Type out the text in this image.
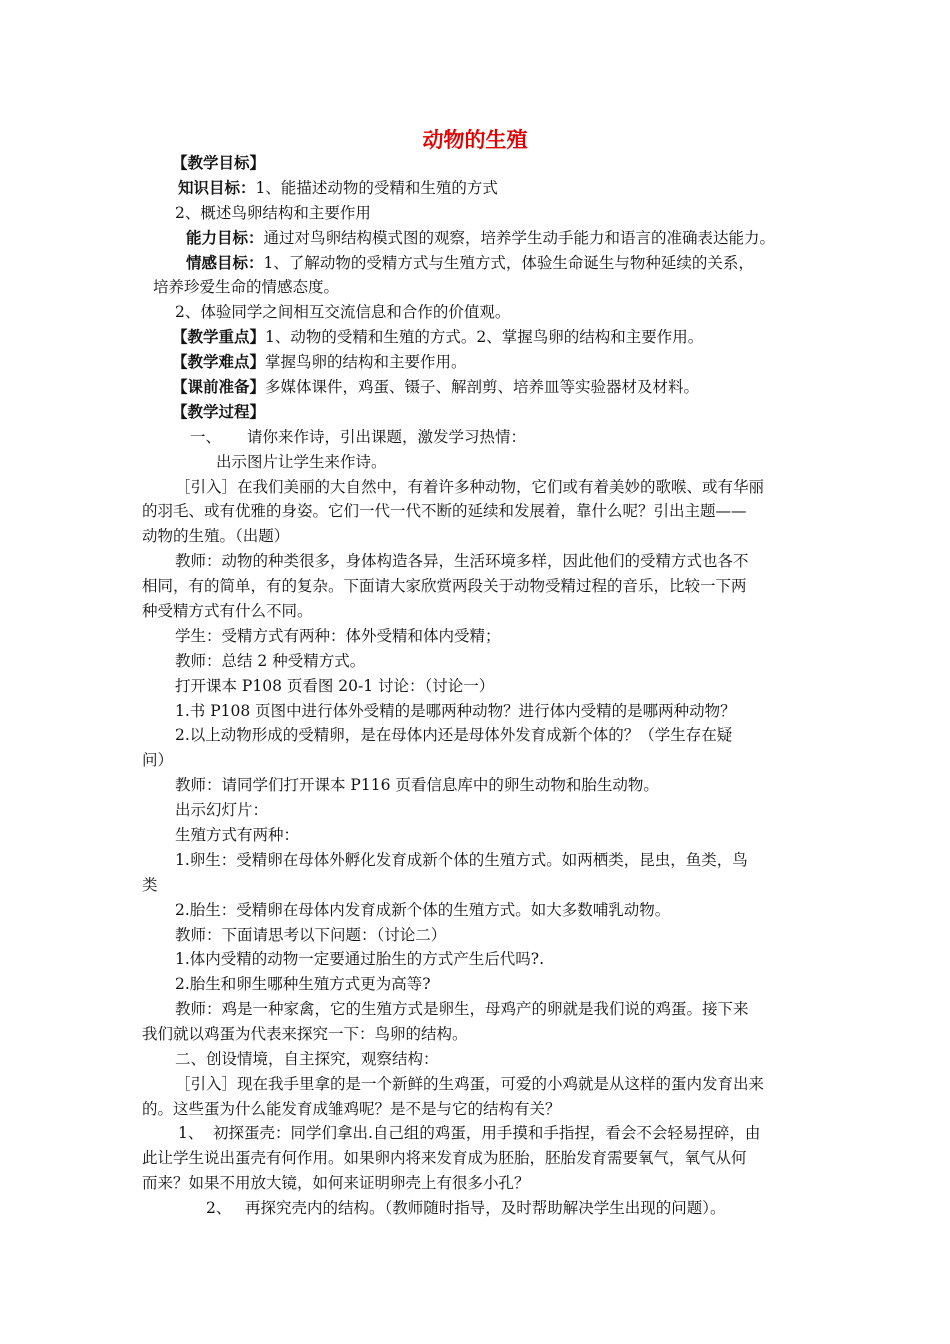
动物的生殖

【教学目标】

知识目标：1、能描述动物的受精和生殖的方式

2、概述鸟卵结构和主要作用

能力目标：通过对鸟卵结构模式图的观察，培养学生动手能力和语言的准确表达能力。

情感目标：1、了解动物的受精方式与生殖方式，体验生命诞生与物种延续的关系，

培养珍爱生命的情感态度。

2、体验同学之间相互交流信息和合作的价值观。

【教学重点】1、动物的受精和生殖的方式。2、掌握鸟卵的结构和主要作用。

【教学难点】掌握鸟卵的结构和主要作用。

【课前准备】多媒体课件，鸡蛋、镊子、解剖剪、培养皿等实验器材及材料。

【教学过程】

一、 请你来作诗，引出课题，激发学习热情：

出示图片让学生来作诗。

［引入］在我们美丽的大自然中，有着许多种动物，它们或有着美妙的歌喉、或有华丽

的羽毛、或有优雅的身姿。它们一代一代不断的延续和发展着，靠什么呢？引出主题——

动物的生殖。（出题）

教师：动物的种类很多，身体构造各异，生活环境多样，因此他们的受精方式也各不

相同，有的简单，有的复杂。下面请大家欣赏两段关于动物受精过程的音乐，比较一下两

种受精方式有什么不同。

学生：受精方式有两种：体外受精和体内受精；

教师：总结 2 种受精方式。

打开课本 P108 页看图 20-1 讨论：（讨论一）

1.书 P108 页图中进行体外受精的是哪两种动物？进行体内受精的是哪两种动物？

2.以上动物形成的受精卵，是在母体内还是母体外发育成新个体的？（学生存在疑

问）

教师：请同学们打开课本 P116 页看信息库中的卵生动物和胎生动物。

出示幻灯片：

生殖方式有两种：

1.卵生：受精卵在母体外孵化发育成新个体的生殖方式。如两栖类，昆虫，鱼类，鸟

类

2.胎生：受精卵在母体内发育成新个体的生殖方式。如大多数哺乳动物。

教师：下面请思考以下问题：（讨论二）

1.体内受精的动物一定要通过胎生的方式产生后代吗?.

2.胎生和卵生哪种生殖方式更为高等?

教师：鸡是一种家禽，它的生殖方式是卵生，母鸡产的卵就是我们说的鸡蛋。接下来

我们就以鸡蛋为代表来探究一下：鸟卵的结构。

二、创设情境，自主探究，观察结构：

［引入］现在我手里拿的是一个新鲜的生鸡蛋，可爱的小鸡就是从这样的蛋内发育出来

的。这些蛋为什么能发育成雏鸡呢？是不是与它的结构有关？

1、 初探蛋壳：同学们拿出.自己组的鸡蛋，用手摸和手指捏，看会不会轻易捏碎，由

此让学生说出蛋壳有何作用。如果卵内将来发育成为胚胎，胚胎发育需要氧气，氧气从何

而来？如果不用放大镜，如何来证明卵壳上有很多小孔？

2、 再探究壳内的结构。（教师随时指导，及时帮助解决学生出现的问题）。
